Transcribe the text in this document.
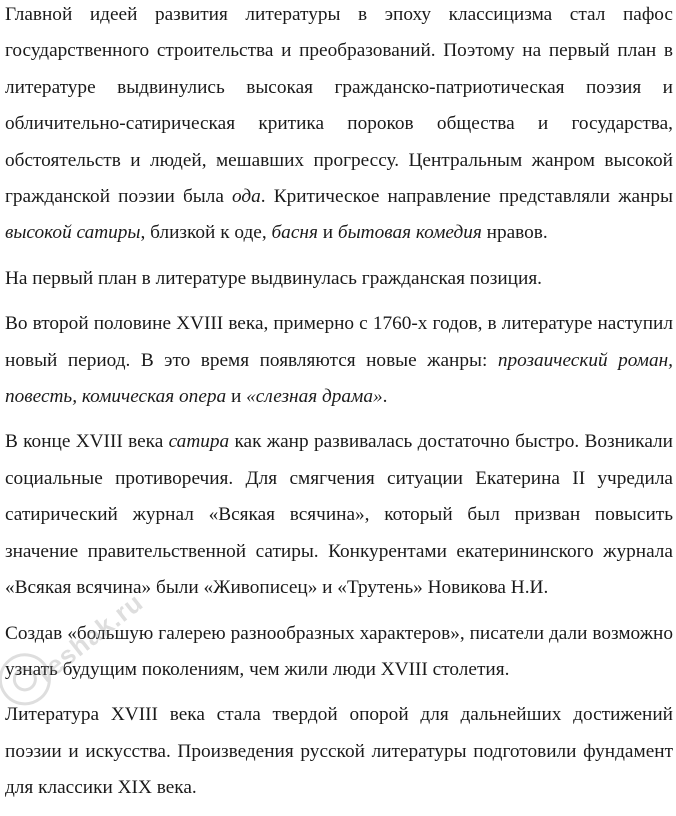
Главной идеей развития литературы в эпоху классицизма стал пафос государственного строительства и преобразований. Поэтому на первый план в литературе выдвинулись высокая гражданско-патриотическая поэзия и обличительно-сатирическая критика пороков общества и государства, обстоятельств и людей, мешавших прогрессу. Центральным жанром высокой гражданской поэзии была ода. Критическое направление представляли жанры высокой сатиры, близкой к оде, басня и бытовая комедия нравов.

На первый план в литературе выдвинулась гражданская позиция.

Во второй половине XVIII века, примерно с 1760-х годов, в литературе наступил новый период. В это время появляются новые жанры: прозаический роман, повесть, комическая опера и «слезная драма».

В конце XVIII века сатира как жанр развивалась достаточно быстро. Возникали социальные противоречия. Для смягчения ситуации Екатерина II учредила сатирический журнал «Всякая всячина», который был призван повысить значение правительственной сатиры. Конкурентами екатерининского журнала «Всякая всячина» были «Живописец» и «Трутень» Новикова Н.И.

Создав «большую галерею разнообразных характеров», писатели дали возможно узнать будущим поколениям, чем жили люди XVIII столетия.

Литература XVIII века стала твердой опорой для дальнейших достижений поэзии и искусства. Произведения русской литературы подготовили фундамент для классики XIX века.

reshak.ru
